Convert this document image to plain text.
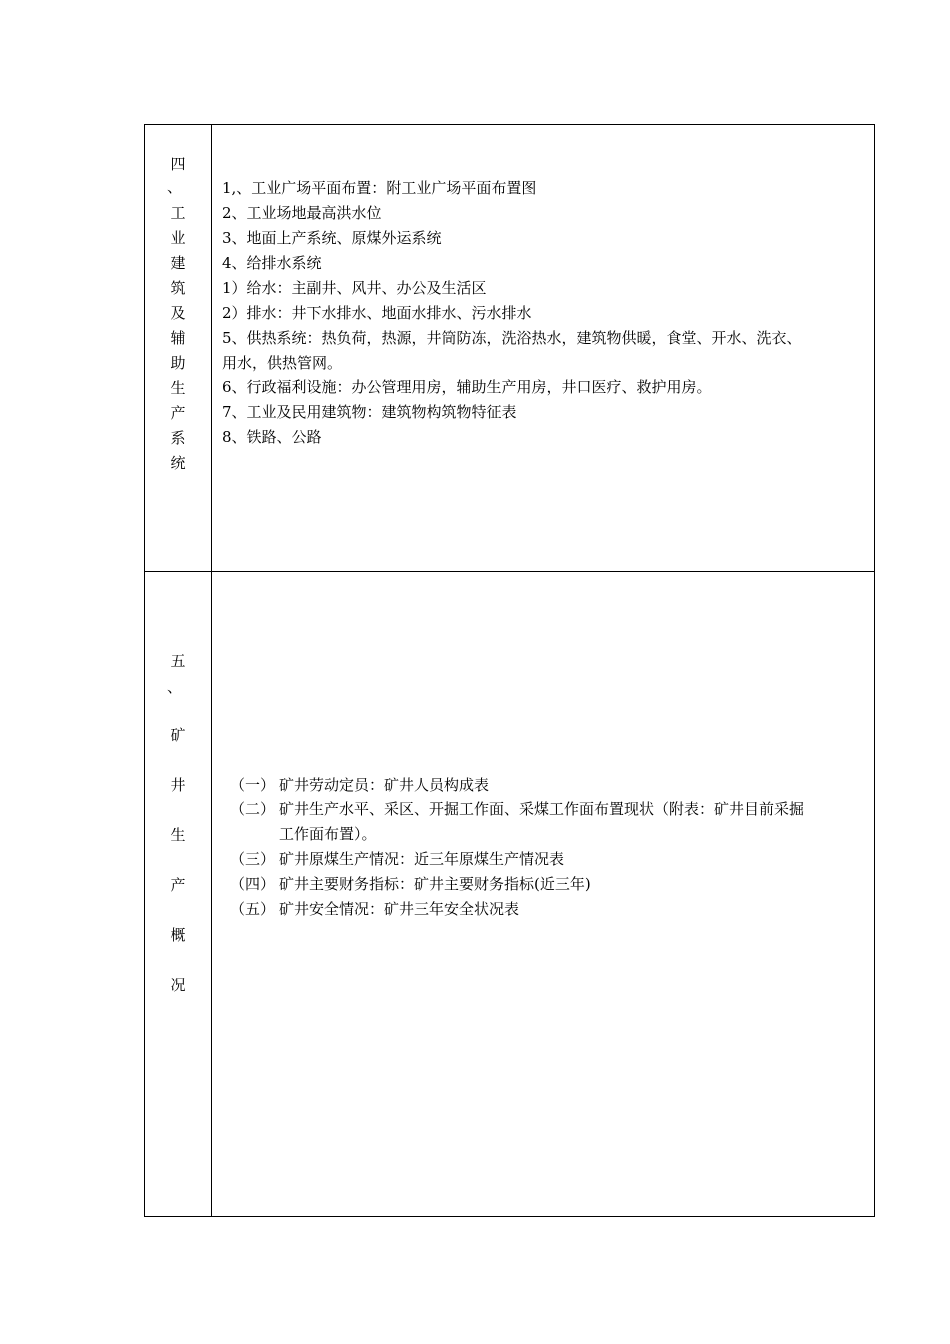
四
、
工
业
建
筑
及
辅
助
生
产
系
统
1,、工业广场平面布置：附工业广场平面布置图
2、工业场地最高洪水位
3、地面上产系统、原煤外运系统
4、给排水系统
1）给水：主副井、风井、办公及生活区
2）排水：井下水排水、地面水排水、污水排水
5、供热系统：热负荷，热源，井筒防冻，洗浴热水，建筑物供暖，食堂、开水、洗衣、
用水，供热管网。
6、行政福利设施：办公管理用房，辅助生产用房，井口医疗、救护用房。
7、工业及民用建筑物：建筑物构筑物特征表
8、铁路、公路
五
、
矿
井
生
产
概
况
（一） 矿井劳动定员：矿井人员构成表
（二） 矿井生产水平、采区、开掘工作面、采煤工作面布置现状（附表：矿井目前采掘
工作面布置）。
（三） 矿井原煤生产情况：近三年原煤生产情况表
（四） 矿井主要财务指标：矿井主要财务指标(近三年)
（五） 矿井安全情况：矿井三年安全状况表
